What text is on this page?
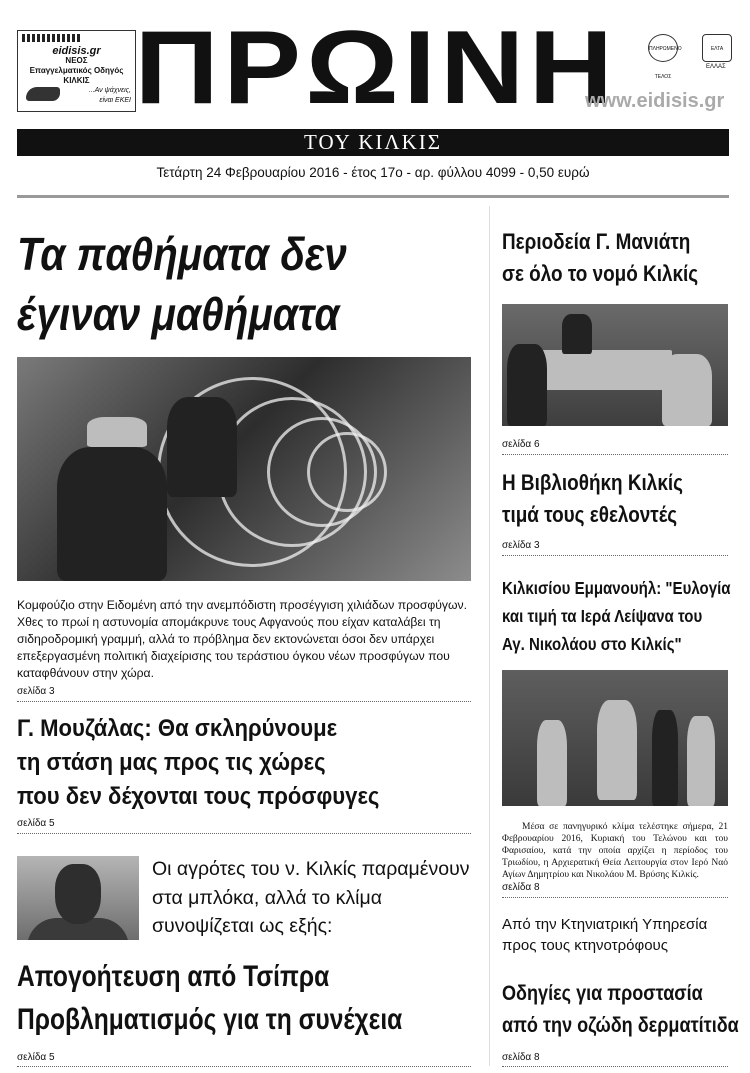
eidisis.gr
ΝΕΟΣ
Επαγγελματικός Οδηγός
ΚΙΛΚΙΣ
...Αν ψάχνεις,
είναι ΕΚΕΙ ΠΡΩΙΝΗ	ΠΛΗΡΩΜΕΝΟ ΤΕΛΟΣ
ΕΛΤΑ
ΕΛΛΑΣ
www.eidisis.gr
ΤΟΥ ΚΙΛΚΙΣ
Τετάρτη 24 Φεβρουαρίου 2016 - έτος 17ο - αρ. φύλλου 4099 - 0,50 ευρώ
Τα παθήματα δεν
έγιναν μαθήματα
Κομφούζιο στην Ειδομένη από την ανεμπόδιστη προσέγγιση χιλιάδων προσφύγων. Χθες το πρωί η αστυνομία απομάκρυνε τους Αφγανούς που είχαν καταλάβει τη σιδηροδρομική γραμμή, αλλά το πρόβλημα δεν εκτονώνεται όσοι δεν υπάρχει επεξεργασμένη πολιτική διαχείρισης του τεράστιου όγκου νέων προσφύγων που καταφθάνουν στην χώρα.
σελίδα 3
Γ. Μουζάλας: Θα σκληρύνουμε
τη στάση μας προς τις χώρες
που δεν δέχονται τους πρόσφυγες
σελίδα 5
Οι αγρότες του ν. Κιλκίς παραμένουν στα μπλόκα, αλλά το κλίμα συνοψίζεται ως εξής:
Απογοήτευση από Τσίπρα
Προβληματισμός για τη συνέχεια
σελίδα 5
Περιοδεία Γ. Μανιάτη
σε όλο το νομό Κιλκίς
σελίδα 6
Η Βιβλιοθήκη Κιλκίς
τιμά τους εθελοντές
σελίδα 3
Κιλκισίου Εμμανουήλ: "Ευλογία
και τιμή τα Ιερά Λείψανα του
Αγ. Νικολάου στο Κιλκίς"
Μέσα σε πανηγυρικό κλίμα τελέστηκε σήμερα, 21 Φεβρουαρίου 2016, Κυριακή του Τελώνου και του Φαρισαίου, κατά την οποία αρχίζει η περίοδος του Τριωδίου, η Αρχιερατική Θεία Λειτουργία στον Ιερό Ναό Αγίων Δημητρίου και Νικολάου Μ. Βρύσης Κιλκίς.
σελίδα 8
Από την Κτηνιατρική Υπηρεσία
προς τους κτηνοτρόφους
Οδηγίες για προστασία
από την οζώδη δερματίτιδα
σελίδα 8
